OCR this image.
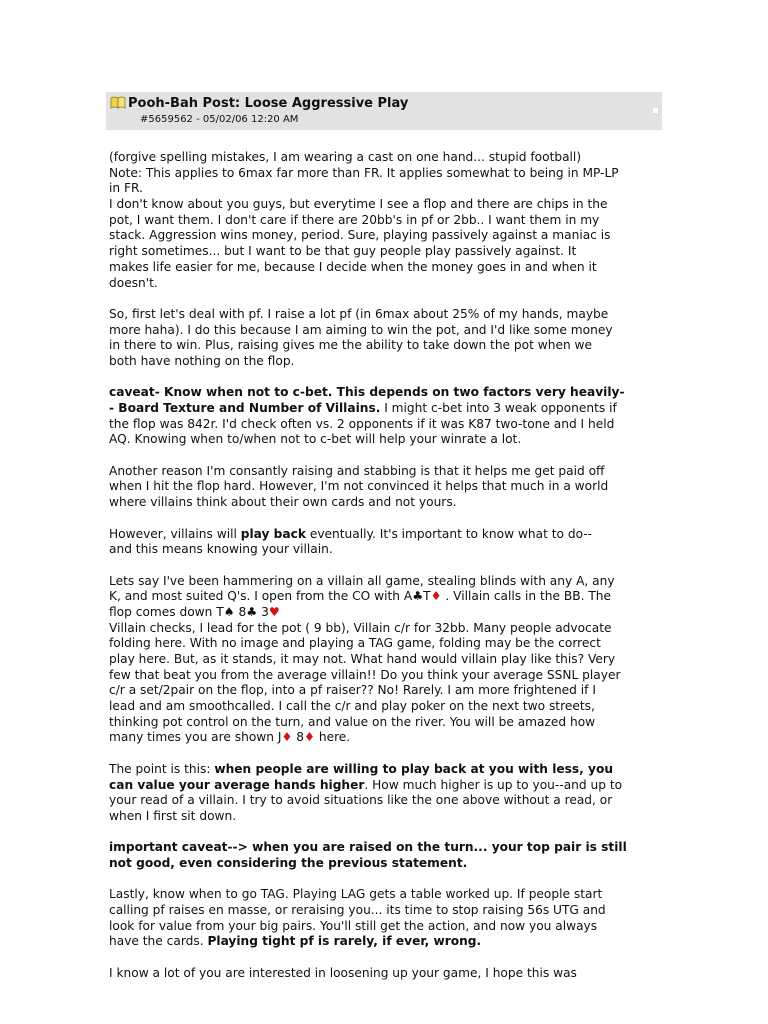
Pooh-Bah Post: Loose Aggressive Play
#5659562 - 05/02/06 12:20 AM
(forgive spelling mistakes, I am wearing a cast on one hand... stupid football)
Note: This applies to 6max far more than FR. It applies somewhat to being in MP-LP
in FR.
I don't know about you guys, but everytime I see a flop and there are chips in the
pot, I want them. I don't care if there are 20bb's in pf or 2bb.. I want them in my
stack. Aggression wins money, period. Sure, playing passively against a maniac is
right sometimes... but I want to be that guy people play passively against. It
makes life easier for me, because I decide when the money goes in and when it
doesn't.
So, first let's deal with pf. I raise a lot pf (in 6max about 25% of my hands, maybe
more haha). I do this because I am aiming to win the pot, and I'd like some money
in there to win. Plus, raising gives me the ability to take down the pot when we
both have nothing on the flop.
caveat- Know when not to c-bet. This depends on two factors very heavily-
- Board Texture and Number of Villains. I might c-bet into 3 weak opponents if
the flop was 842r. I'd check often vs. 2 opponents if it was K87 two-tone and I held
AQ. Knowing when to/when not to c-bet will help your winrate a lot.
Another reason I'm consantly raising and stabbing is that it helps me get paid off
when I hit the flop hard. However, I'm not convinced it helps that much in a world
where villains think about their own cards and not yours.
However, villains will play back eventually. It's important to know what to do--
and this means knowing your villain.
Lets say I've been hammering on a villain all game, stealing blinds with any A, any
K, and most suited Q's. I open from the CO with A♣T♦ . Villain calls in the BB. The
flop comes down T♠ 8♣ 3♥
Villain checks, I lead for the pot ( 9 bb), Villain c/r for 32bb. Many people advocate
folding here. With no image and playing a TAG game, folding may be the correct
play here. But, as it stands, it may not. What hand would villain play like this? Very
few that beat you from the average villain!! Do you think your average SSNL player
c/r a set/2pair on the flop, into a pf raiser?? No! Rarely. I am more frightened if I
lead and am smoothcalled. I call the c/r and play poker on the next two streets,
thinking pot control on the turn, and value on the river. You will be amazed how
many times you are shown J♦ 8♦ here.
The point is this: when people are willing to play back at you with less, you
can value your average hands higher. How much higher is up to you--and up to
your read of a villain. I try to avoid situations like the one above without a read, or
when I first sit down.
important caveat--> when you are raised on the turn... your top pair is still
not good, even considering the previous statement.
Lastly, know when to go TAG. Playing LAG gets a table worked up. If people start
calling pf raises en masse, or reraising you... its time to stop raising 56s UTG and
look for value from your big pairs. You'll still get the action, and now you always
have the cards. Playing tight pf is rarely, if ever, wrong.
I know a lot of you are interested in loosening up your game, I hope this was
